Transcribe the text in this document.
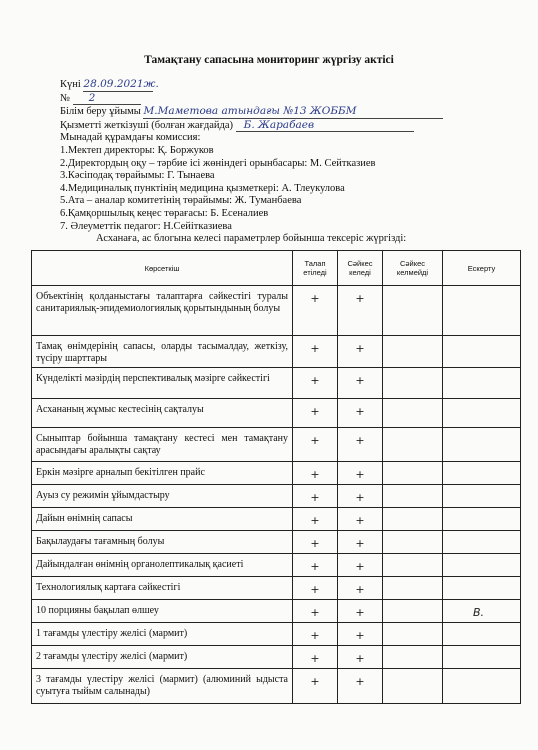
Тамақтану сапасына мониторинг жүргізу актісі
Күні 28.09.2021ж.
№ 2
Білім беру ұйымы М.Маметова атындағы №13 ЖОББМ
Қызметті жеткізуші (болған жағдайда) Б. Жарабаев
Мынадай құрамдағы комиссия:
1.Мектеп директоры: Қ. Боржуков
2.Директордың оқу – тәрбие ісі жөніндегі орынбасары: М. Сейтказиев
3.Кәсіподақ төрайымы: Г. Тынаева
4.Медициналық пунктінің медицина қызметкері: А. Тлеукулова
5.Ата – аналар комитетінің төрайымы: Ж. Туманбаева
6.Қамқоршылық кеңес төрағасы: Б. Есеналиев
7. Әлеуметтік педагог: Н.Сейітказиева
Асханаға, ас блогына келесі параметрлер бойынша тексеріс жүргізді:
Көрсеткіш	Талап етіледі	Сәйкес келеді	Сәйкес келмейді	Ескерту
Объектінің қолданыстағы талаптарға сәйкестігі туралы санитариялық-эпидемиологиялық қорытындының болуы	+	+		
Тамақ өнімдерінің сапасы, оларды тасымалдау, жеткізу, түсіру шарттары	+	+		
Күнделікті мәзірдің перспективалық мәзірге сәйкестігі	+	+		
Асхананың жұмыс кестесінің сақталуы	+	+		
Сыныптар бойынша тамақтану кестесі мен тамақтану арасындағы аралықты сақтау	+	+		
Еркін мәзірге арналып бекітілген прайс	+	+		
Ауыз су режимін ұйымдастыру	+	+		
Дайын өнімнің сапасы	+	+		
Бақылаудағы тағамның болуы	+	+		
Дайындалған өнімнің органолептикалық қасиеті	+	+		
Технологиялық картаға сәйкестігі	+	+		
10 порцияны бақылап өлшеу	+	+		В.
1 тағамды үлестіру желісі (мармит)	+	+		
2 тағамды үлестіру желісі (мармит)	+	+		
3 тағамды үлестіру желісі (мармит) (алюминий ыдыста суытуға тыйым салынады)	+	+		
